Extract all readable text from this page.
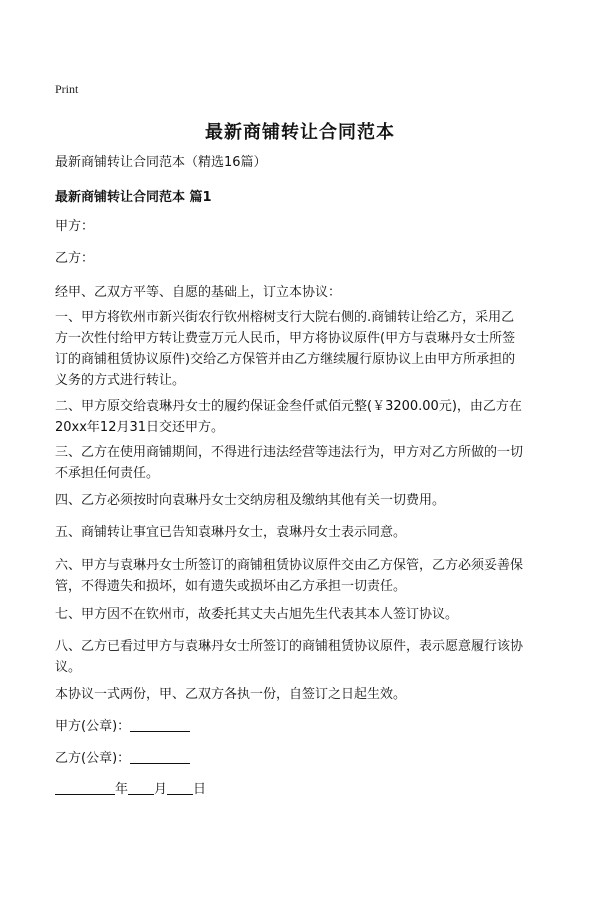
Print
最新商铺转让合同范本
最新商铺转让合同范本（精选16篇）
最新商铺转让合同范本 篇1
甲方：
乙方：
经甲、乙双方平等、自愿的基础上，订立本协议：
一、甲方将钦州市新兴街农行钦州榕树支行大院右侧的.商铺转让给乙方，采用乙
方一次性付给甲方转让费壹万元人民币，甲方将协议原件(甲方与袁琳丹女士所签
订的商铺租赁协议原件)交给乙方保管并由乙方继续履行原协议上由甲方所承担的
义务的方式进行转让。
二、甲方原交给袁琳丹女士的履约保证金叁仟贰佰元整(￥3200.00元)，由乙方在
20xx年12月31日交还甲方。
三、乙方在使用商铺期间，不得进行违法经营等违法行为，甲方对乙方所做的一切
不承担任何责任。
四、乙方必须按时向袁琳丹女士交纳房租及缴纳其他有关一切费用。
五、商铺转让事宜已告知袁琳丹女士，袁琳丹女士表示同意。
六、甲方与袁琳丹女士所签订的商铺租赁协议原件交由乙方保管，乙方必须妥善保
管，不得遗失和损坏，如有遗失或损坏由乙方承担一切责任。
七、甲方因不在钦州市，故委托其丈夫占旭先生代表其本人签订协议。
八、乙方已看过甲方与袁琳丹女士所签订的商铺租赁协议原件，表示愿意履行该协
议。
本协议一式两份，甲、乙双方各执一份，自签订之日起生效。
甲方(公章)：
乙方(公章)：
年 月 日
